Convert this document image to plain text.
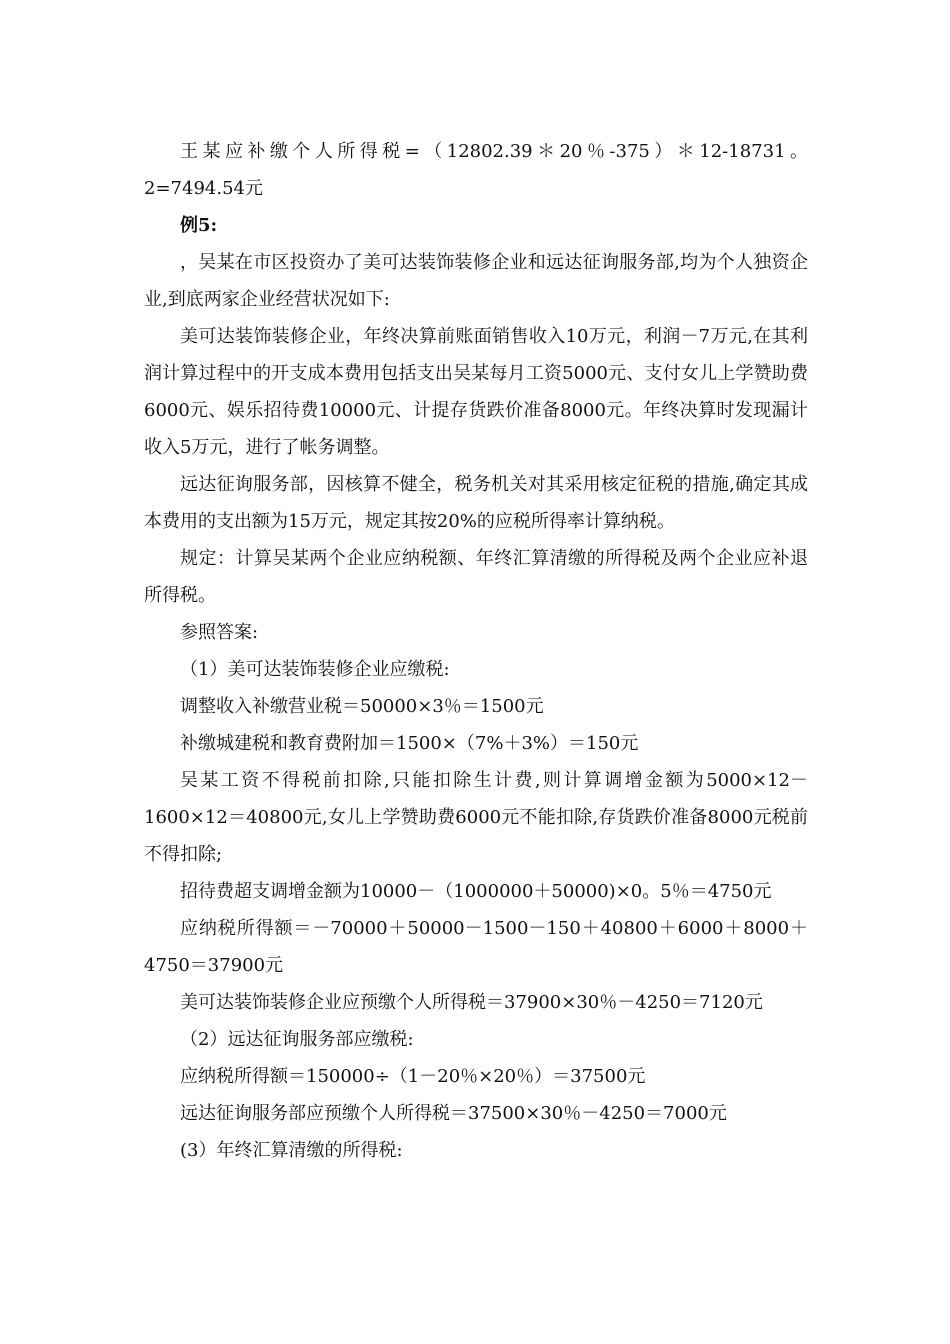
王某应补缴个人所得税=（12802.39＊20％-375）＊12-18731。2=7494.54元

例5:

，吴某在市区投资办了美可达装饰装修企业和远达征询服务部,均为个人独资企业,到底两家企业经营状况如下:

美可达装饰装修企业，年终决算前账面销售收入10万元，利润－7万元,在其利润计算过程中的开支成本费用包括支出吴某每月工资5000元、支付女儿上学赞助费6000元、娱乐招待费10000元、计提存货跌价准备8000元。年终决算时发现漏计收入5万元，进行了帐务调整。

远达征询服务部，因核算不健全，税务机关对其采用核定征税的措施,确定其成本费用的支出额为15万元，规定其按20%的应税所得率计算纳税。

规定：计算吴某两个企业应纳税额、年终汇算清缴的所得税及两个企业应补退所得税。

参照答案:

（1）美可达装饰装修企业应缴税:

调整收入补缴营业税＝50000×3％＝1500元

补缴城建税和教育费附加＝1500×（7%＋3%）＝150元

吴某工资不得税前扣除,只能扣除生计费,则计算调增金额为5000×12－1600×12＝40800元,女儿上学赞助费6000元不能扣除,存货跌价准备8000元税前不得扣除;

招待费超支调增金额为10000－（1000000＋50000)×0。5％＝4750元

应纳税所得额＝－70000＋50000－1500－150＋40800＋6000＋8000＋4750＝37900元

美可达装饰装修企业应预缴个人所得税＝37900×30％－4250＝7120元

（2）远达征询服务部应缴税:

应纳税所得额＝150000÷（1－20％×20％）＝37500元

远达征询服务部应预缴个人所得税＝37500×30％－4250＝7000元

(3）年终汇算清缴的所得税:
